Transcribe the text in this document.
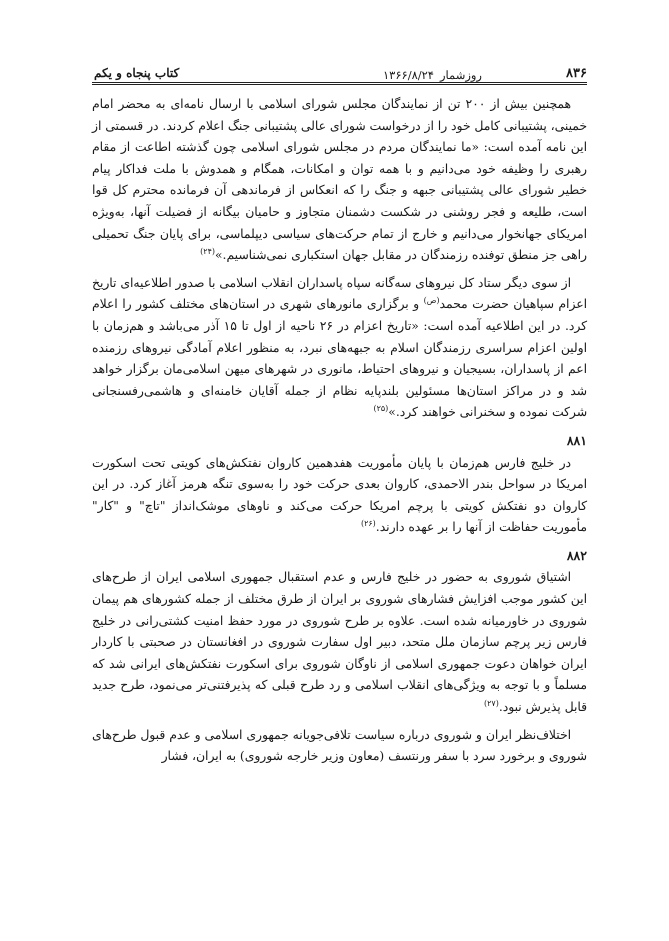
۸۳۶
روزشمار۱۳۶۶/۸/۲۴
کتاب پنجاه و یکم

همچنین بیش از ۲۰۰ تن از نمایندگان مجلس شورای اسلامی با ارسال نامه‌ای به محضر امام خمینی، پشتیبانی کامل خود را از درخواست شورای عالی پشتیبانی جنگ اعلام کردند. در قسمتی از این نامه آمده است: «ما نمایندگان مردم در مجلس شورای اسلامی چون گذشته اطاعت از مقام رهبری را وظیفه خود می‌دانیم و با همه توان و امکانات، همگام و همدوش با ملت فداکار پیام خطیر شورای عالی پشتیبانی جبهه و جنگ را که انعکاس از فرماندهی آن فرمانده محترم کل قوا است، طلیعه و فجر روشنی در شکست دشمنان متجاوز و حامیان بیگانه از فضیلت آنها، به‌ویژه امریکای جهانخوار می‌دانیم و خارج از تمام حرکت‌های سیاسی دیپلماسی، برای پایان جنگ تحمیلی راهی جز منطق توفنده رزمندگان در مقابل جهان استکباری نمی‌شناسیم.»$^{(۲۴)}$

از سوی دیگر ستاد کل نیروهای سه‌گانه سپاه پاسداران انقلاب اسلامی با صدور اطلاعیه‌ای تاریخ اعزام سپاهیان حضرت محمد$^{(ص)}$ و برگزاری مانورهای شهری در استان‌های مختلف کشور را اعلام کرد. در این اطلاعیه آمده است: «تاریخ اعزام در ۲۶ ناحیه از اول تا ۱۵ آذر می‌باشد و هم‌زمان با اولین اعزام سراسری رزمندگان اسلام به جبهه‌های نبرد، به منظور اعلام آمادگی نیروهای رزمنده اعم از پاسداران، بسیجیان و نیروهای احتیاط، مانوری در شهرهای میهن اسلامی‌مان برگزار خواهد شد و در مراکز استان‌ها مسئولین بلندپایه نظام از جمله آقایان خامنه‌ای و هاشمی‌رفسنجانی شرکت نموده و سخنرانی خواهند کرد.»$^{(۲۵)}$

۸۸۱

در خلیج فارس هم‌زمان با پایان مأموریت هفدهمین کاروان نفتکش‌های کویتی تحت اسکورت امریکا در سواحل بندر الاحمدی، کاروان بعدی حرکت خود را به‌سوی تنگه هرمز آغاز کرد. در این کاروان دو نفتکش کویتی با پرچم امریکا حرکت می‌کند و ناوهای موشک‌انداز "تاچ" و "کار" مأموریت حفاظت از آنها را بر عهده دارند.$^{(۲۶)}$

۸۸۲

اشتیاق شوروی به حضور در خلیج فارس و عدم استقبال جمهوری اسلامی ایران از طرح‌های این کشور موجب افزایش فشارهای شوروی بر ایران از طرق مختلف از جمله کشورهای هم پیمان شوروی در خاورمیانه شده است. علاوه بر طرح شوروی در مورد حفظ امنیت کشتی‌رانی در خلیج فارس زیر پرچم سازمان ملل متحد، دبیر اول سفارت شوروی در افغانستان در صحبتی با کاردار ایران خواهان دعوت جمهوری اسلامی از ناوگان شوروی برای اسکورت نفتکش‌های ایرانی شد که مسلماً و با توجه به ویژگی‌های انقلاب اسلامی و رد طرح قبلی که پذیرفتنی‌تر می‌نمود، طرح جدید قابل پذیرش نبود.$^{(۲۷)}$

اختلاف‌نظر ایران و شوروی درباره سیاست تلافی‌جویانه جمهوری اسلامی و عدم قبول طرح‌های شوروی و برخورد سرد با سفر ورنتسف (معاون وزیر خارجه شوروی) به ایران، فشار
